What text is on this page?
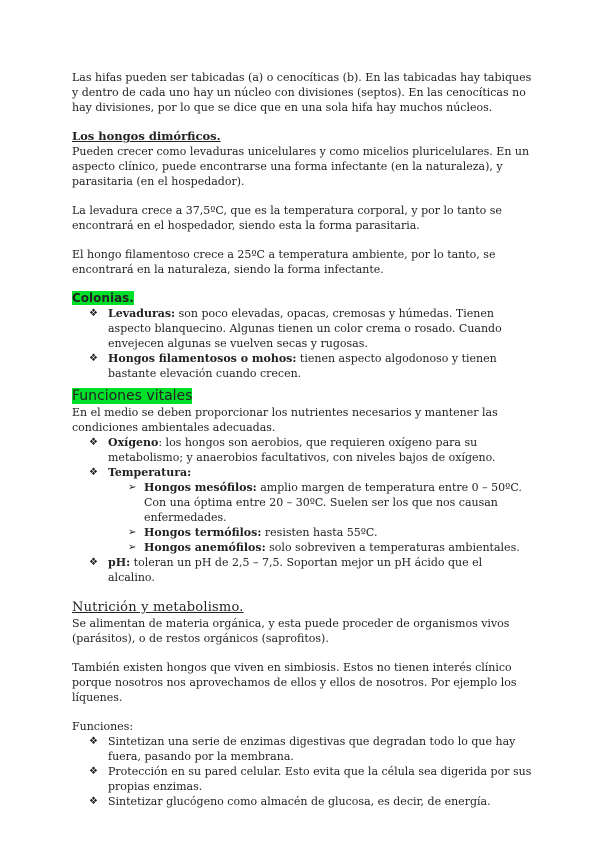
Las hifas pueden ser tabicadas (a) o cenocíticas (b). En las tabicadas hay tabiques y dentro de cada uno hay un núcleo con divisiones (septos). En las cenocíticas no hay divisiones, por lo que se dice que en una sola hifa hay muchos núcleos.

Los hongos dimórficos.

Pueden crecer como levaduras unicelulares y como micelios pluricelulares. En un aspecto clínico, puede encontrarse una forma infectante (en la naturaleza), y parasitaria (en el hospedador).

La levadura crece a 37,5ºC, que es la temperatura corporal, y por lo tanto se encontrará en el hospedador, siendo esta la forma parasitaria.

El hongo filamentoso crece a 25ºC a temperatura ambiente, por lo tanto, se encontrará en la naturaleza, siendo la forma infectante.

Colonias.

❖ Levaduras: son poco elevadas, opacas, cremosas y húmedas. Tienen aspecto blanquecino. Algunas tienen un color crema o rosado. Cuando envejecen algunas se vuelven secas y rugosas.
❖ Hongos filamentosos o mohos: tienen aspecto algodonoso y tienen bastante elevación cuando crecen.

Funciones vitales

En el medio se deben proporcionar los nutrientes necesarios y mantener las condiciones ambientales adecuadas.

❖ Oxígeno: los hongos son aerobios, que requieren oxígeno para su metabolismo; y anaerobios facultativos, con niveles bajos de oxígeno.
❖ Temperatura:
➢ Hongos mesófilos: amplio margen de temperatura entre 0 – 50ºC. Con una óptima entre 20 – 30ºC. Suelen ser los que nos causan enfermedades.
➢ Hongos termófilos: resisten hasta 55ºC.
➢ Hongos anemófilos: solo sobreviven a temperaturas ambientales.
❖ pH: toleran un pH de 2,5 – 7,5. Soportan mejor un pH ácido que el alcalino.

Nutrición y metabolismo.

Se alimentan de materia orgánica, y esta puede proceder de organismos vivos (parásitos), o de restos orgánicos (saprofitos).

También existen hongos que viven en simbiosis. Estos no tienen interés clínico porque nosotros nos aprovechamos de ellos y ellos de nosotros. Por ejemplo los líquenes.

Funciones:

❖ Sintetizan una serie de enzimas digestivas que degradan todo lo que hay fuera, pasando por la membrana.
❖ Protección en su pared celular. Esto evita que la célula sea digerida por sus propias enzimas.
❖ Sintetizar glucógeno como almacén de glucosa, es decir, de energía.
